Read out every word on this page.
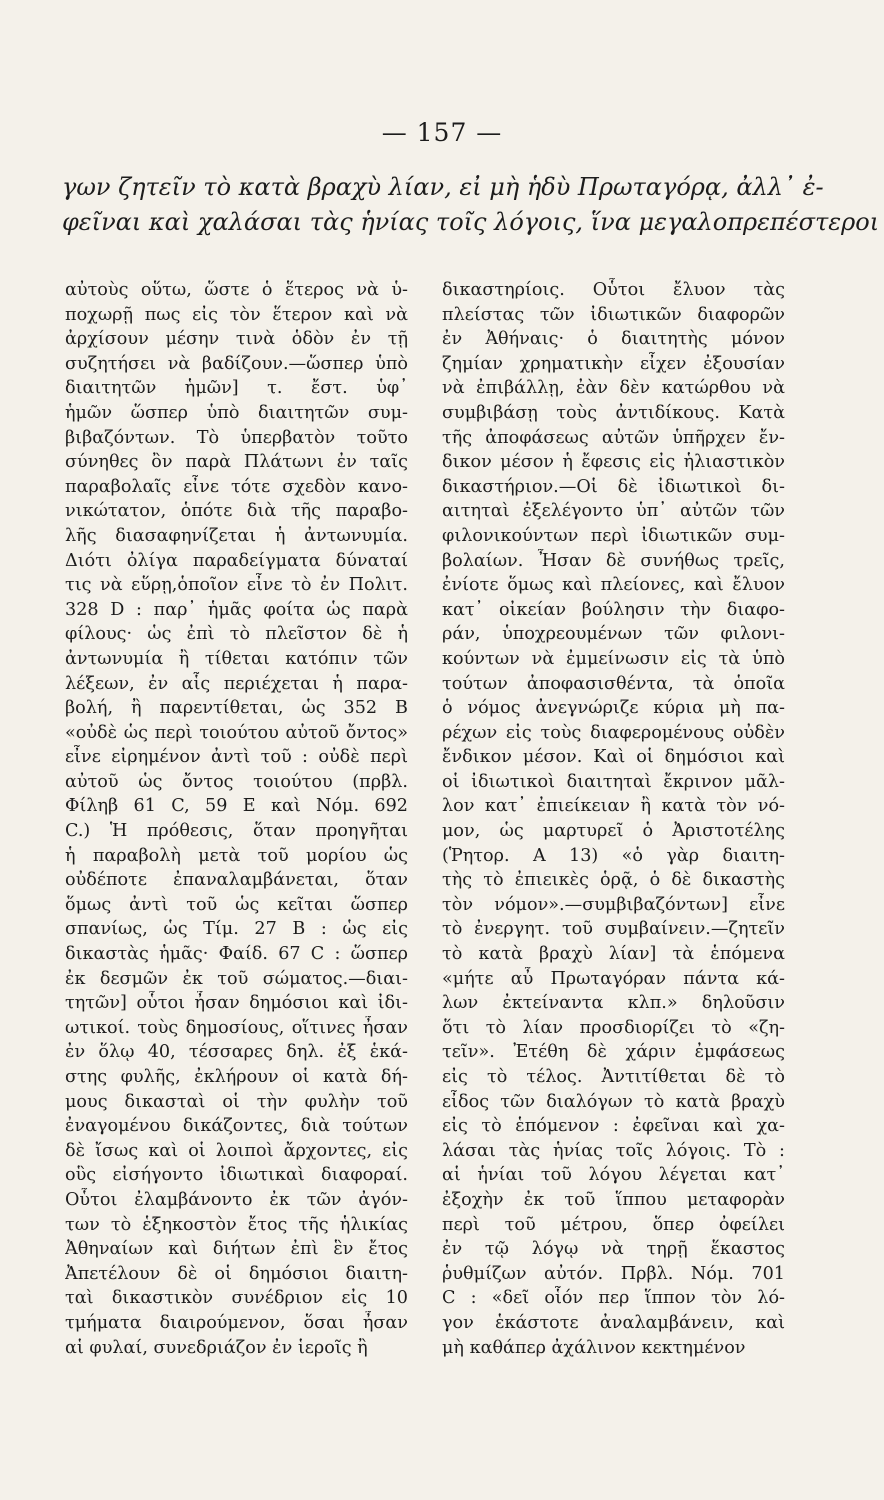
— 157 —
γων ζητεῖν τὸ κατὰ βραχὺ λίαν, εἰ μὴ ἡδὺ Πρωταγόρᾳ, ἀλλ᾽ ἐ-
φεῖναι καὶ χαλάσαι τὰς ἡνίας τοῖς λόγοις, ἵνα μεγαλοπρεπέστεροι
αὐτοὺς οὕτω, ὥστε ὁ ἕτερος νὰ ὑ-
ποχωρῇ πως εἰς τὸν ἕτερον καὶ νὰ
ἀρχίσουν μέσην τινὰ ὁδὸν ἐν τῇ
συζητήσει νὰ βαδίζουν.—ὥσπερ ὑπὸ
διαιτητῶν ἡμῶν] τ. ἔστ. ὑφ᾽
ἡμῶν ὥσπερ ὑπὸ διαιτητῶν συμ-
βιβαζόντων. Τὸ ὑπερβατὸν τοῦτο
σύνηθες ὂν παρὰ Πλάτωνι ἐν ταῖς
παραβολαῖς εἶνε τότε σχεδὸν κανο-
νικώτατον, ὁπότε διὰ τῆς παραβο-
λῆς διασαφηνίζεται ἡ ἀντωνυμία.
Διότι ὀλίγα παραδείγματα δύναταί
τις νὰ εὕρῃ,ὁποῖον εἶνε τὸ ἐν Πολιτ.
328 D : παρ᾽ ἡμᾶς φοίτα ὡς παρὰ
φίλους· ὡς ἐπὶ τὸ πλεῖστον δὲ ἡ
ἀντωνυμία ἢ τίθεται κατόπιν τῶν
λέξεων, ἐν αἷς περιέχεται ἡ παρα-
βολή, ἢ παρεντίθεται, ὡς 352 B
«οὐδὲ ὡς περὶ τοιούτου αὐτοῦ ὄντος»
εἶνε εἰρημένον ἀντὶ τοῦ : οὐδὲ περὶ
αὐτοῦ ὡς ὄντος τοιούτου (πρβλ.
Φίληβ 61 C, 59 E καὶ Νόμ. 692
C.) Ἡ πρόθεσις, ὅταν προηγῆται
ἡ παραβολὴ μετὰ τοῦ μορίου ὡς
οὐδέποτε ἐπαναλαμβάνεται, ὅταν
ὅμως ἀντὶ τοῦ ὡς κεῖται ὥσπερ
σπανίως, ὡς Τίμ. 27 B : ὡς εἰς
δικαστὰς ἡμᾶς· Φαίδ. 67 C : ὥσπερ
ἐκ δεσμῶν ἐκ τοῦ σώματος.—διαι-
τητῶν] οὗτοι ἦσαν δημόσιοι καὶ ἰδι-
ωτικοί. τοὺς δημοσίους, οἵτινες ἦσαν
ἐν ὅλῳ 40, τέσσαρες δηλ. ἐξ ἑκά-
στης φυλῆς, ἐκλήρουν οἱ κατὰ δή-
μους δικασταὶ οἱ τὴν φυλὴν τοῦ
ἐναγομένου δικάζοντες, διὰ τούτων
δὲ ἴσως καὶ οἱ λοιποὶ ἄρχοντες, εἰς
οὓς εἰσήγοντο ἰδιωτικαὶ διαφοραί.
Οὗτοι ἐλαμβάνοντο ἐκ τῶν ἀγόν-
των τὸ ἑξηκοστὸν ἔτος τῆς ἡλικίας
Ἀθηναίων καὶ διήτων ἐπὶ ἓν ἔτος
Ἀπετέλουν δὲ οἱ δημόσιοι διαιτη-
ταὶ δικαστικὸν συνέδριον εἰς 10
τμήματα διαιρούμενον, ὅσαι ἦσαν
αἱ φυλαί, συνεδριάζον ἐν ἱεροῖς ἢ
δικαστηρίοις. Οὗτοι ἔλυον τὰς
πλείστας τῶν ἰδιωτικῶν διαφορῶν
ἐν Ἀθήναις· ὁ διαιτητὴς μόνον
ζημίαν χρηματικὴν εἶχεν ἐξουσίαν
νὰ ἐπιβάλλῃ, ἐὰν δὲν κατώρθου νὰ
συμβιβάσῃ τοὺς ἀντιδίκους. Κατὰ
τῆς ἀποφάσεως αὐτῶν ὑπῆρχεν ἔν-
δικον μέσον ἡ ἔφεσις εἰς ἡλιαστικὸν
δικαστήριον.—Οἱ δὲ ἰδιωτικοὶ δι-
αιτηταὶ ἐξελέγοντο ὑπ᾽ αὐτῶν τῶν
φιλονικούντων περὶ ἰδιωτικῶν συμ-
βολαίων. Ἦσαν δὲ συνήθως τρεῖς,
ἐνίοτε ὅμως καὶ πλείονες, καὶ ἔλυον
κατ᾽ οἰκείαν βούλησιν τὴν διαφο-
ράν, ὑποχρεουμένων τῶν φιλονι-
κούντων νὰ ἐμμείνωσιν εἰς τὰ ὑπὸ
τούτων ἀποφασισθέντα, τὰ ὁποῖα
ὁ νόμος ἀνεγνώριζε κύρια μὴ πα-
ρέχων εἰς τοὺς διαφερομένους οὐδὲν
ἔνδικον μέσον. Καὶ οἱ δημόσιοι καὶ
οἱ ἰδιωτικοὶ διαιτηταὶ ἔκρινον μᾶλ-
λον κατ᾽ ἐπιείκειαν ἢ κατὰ τὸν νό-
μον, ὡς μαρτυρεῖ ὁ Ἀριστοτέλης
(Ῥητορ. A 13) «ὁ γὰρ διαιτη-
τὴς τὸ ἐπιεικὲς ὁρᾷ, ὁ δὲ δικαστὴς
τὸν νόμον».—συμβιβαζόντων] εἶνε
τὸ ἐνεργητ. τοῦ συμβαίνειν.—ζητεῖν
τὸ κατὰ βραχὺ λίαν] τὰ ἑπόμενα
«μήτε αὖ Πρωταγόραν πάντα κά-
λων ἐκτείναντα κλπ.» δηλοῦσιν
ὅτι τὸ λίαν προσδιορίζει τὸ «ζη-
τεῖν». Ἐτέθη δὲ χάριν ἐμφάσεως
εἰς τὸ τέλος. Ἀντιτίθεται δὲ τὸ
εἶδος τῶν διαλόγων τὸ κατὰ βραχὺ
εἰς τὸ ἑπόμενον : ἐφεῖναι καὶ χα-
λάσαι τὰς ἡνίας τοῖς λόγοις. Τὸ :
αἱ ἡνίαι τοῦ λόγου λέγεται κατ᾽
ἐξοχὴν ἐκ τοῦ ἵππου μεταφορὰν
περὶ τοῦ μέτρου, ὅπερ ὀφείλει
ἐν τῷ λόγῳ νὰ τηρῇ ἕκαστος
ῥυθμίζων αὐτόν. Πρβλ. Νόμ. 701
C : «δεῖ οἷόν περ ἵππον τὸν λό-
γον ἑκάστοτε ἀναλαμβάνειν, καὶ
μὴ καθάπερ ἀχάλινον κεκτημένον
